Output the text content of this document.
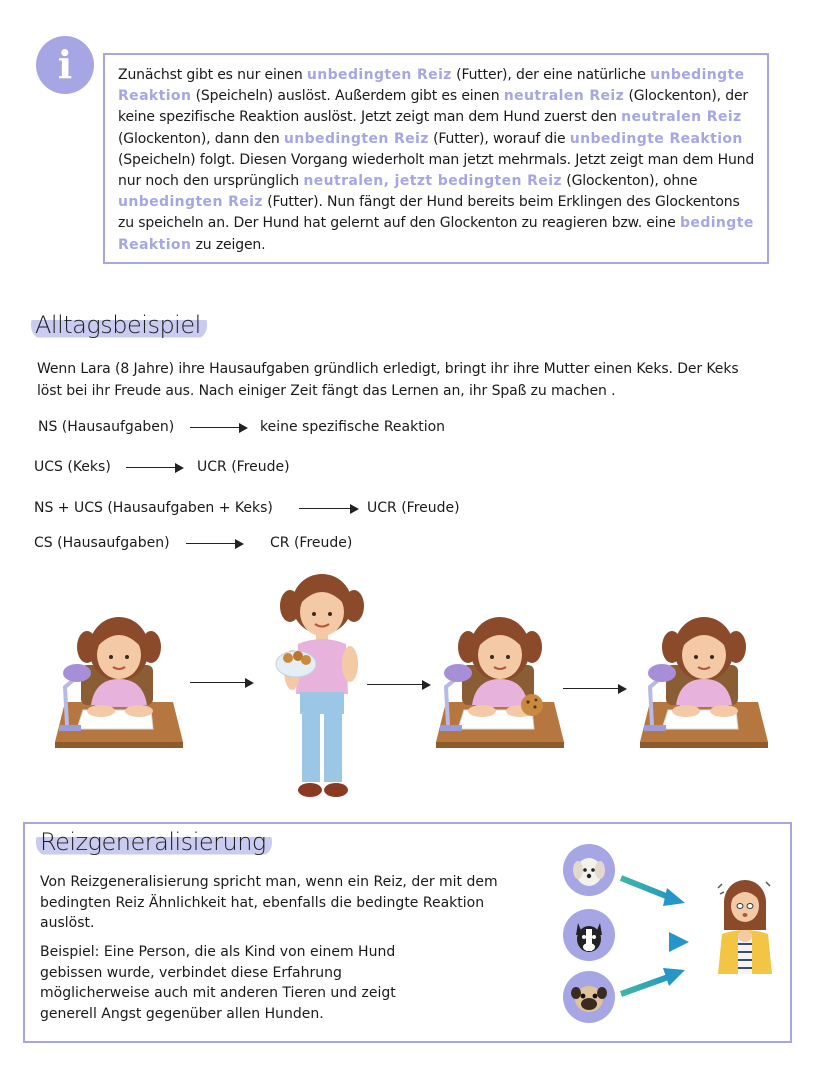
i	Zunächst gibt es nur einen unbedingten Reiz (Futter), der eine natürliche unbedingte Reaktion (Speicheln) auslöst. Außerdem gibt es einen neutralen Reiz (Glockenton), der keine spezifische Reaktion auslöst. Jetzt zeigt man dem Hund zuerst den neutralen Reiz (Glockenton), dann den unbedingten Reiz (Futter), worauf die unbedingte Reaktion (Speicheln) folgt. Diesen Vorgang wiederholt man jetzt mehrmals. Jetzt zeigt man dem Hund nur noch den ursprünglich neutralen, jetzt bedingten Reiz (Glockenton), ohne unbedingten Reiz (Futter). Nun fängt der Hund bereits beim Erklingen des Glockentons zu speicheln an. Der Hund hat gelernt auf den Glockenton zu reagieren bzw. eine bedingte Reaktion zu zeigen.

Alltagsbeispiel

Wenn Lara (8 Jahre) ihre Hausaufgaben gründlich erledigt, bringt ihr ihre Mutter einen Keks. Der Keks löst bei ihr Freude aus. Nach einiger Zeit fängt das Lernen an, ihr Spaß zu machen .

NS (Hausaufgaben)	keine spezifische Reaktion
UCS (Keks)	UCR (Freude)
NS + UCS (Hausaufgaben + Keks)	UCR (Freude)
CS (Hausaufgaben)	CR (Freude)
Reizgeneralisierung

Von Reizgeneralisierung spricht man, wenn ein Reiz, der mit dem bedingten Reiz Ähnlichkeit hat, ebenfalls die bedingte Reaktion auslöst.

Beispiel: Eine Person, die als Kind von einem Hund gebissen wurde, verbindet diese Erfahrung möglicherweise auch mit anderen Tieren und zeigt generell Angst gegenüber allen Hunden.
